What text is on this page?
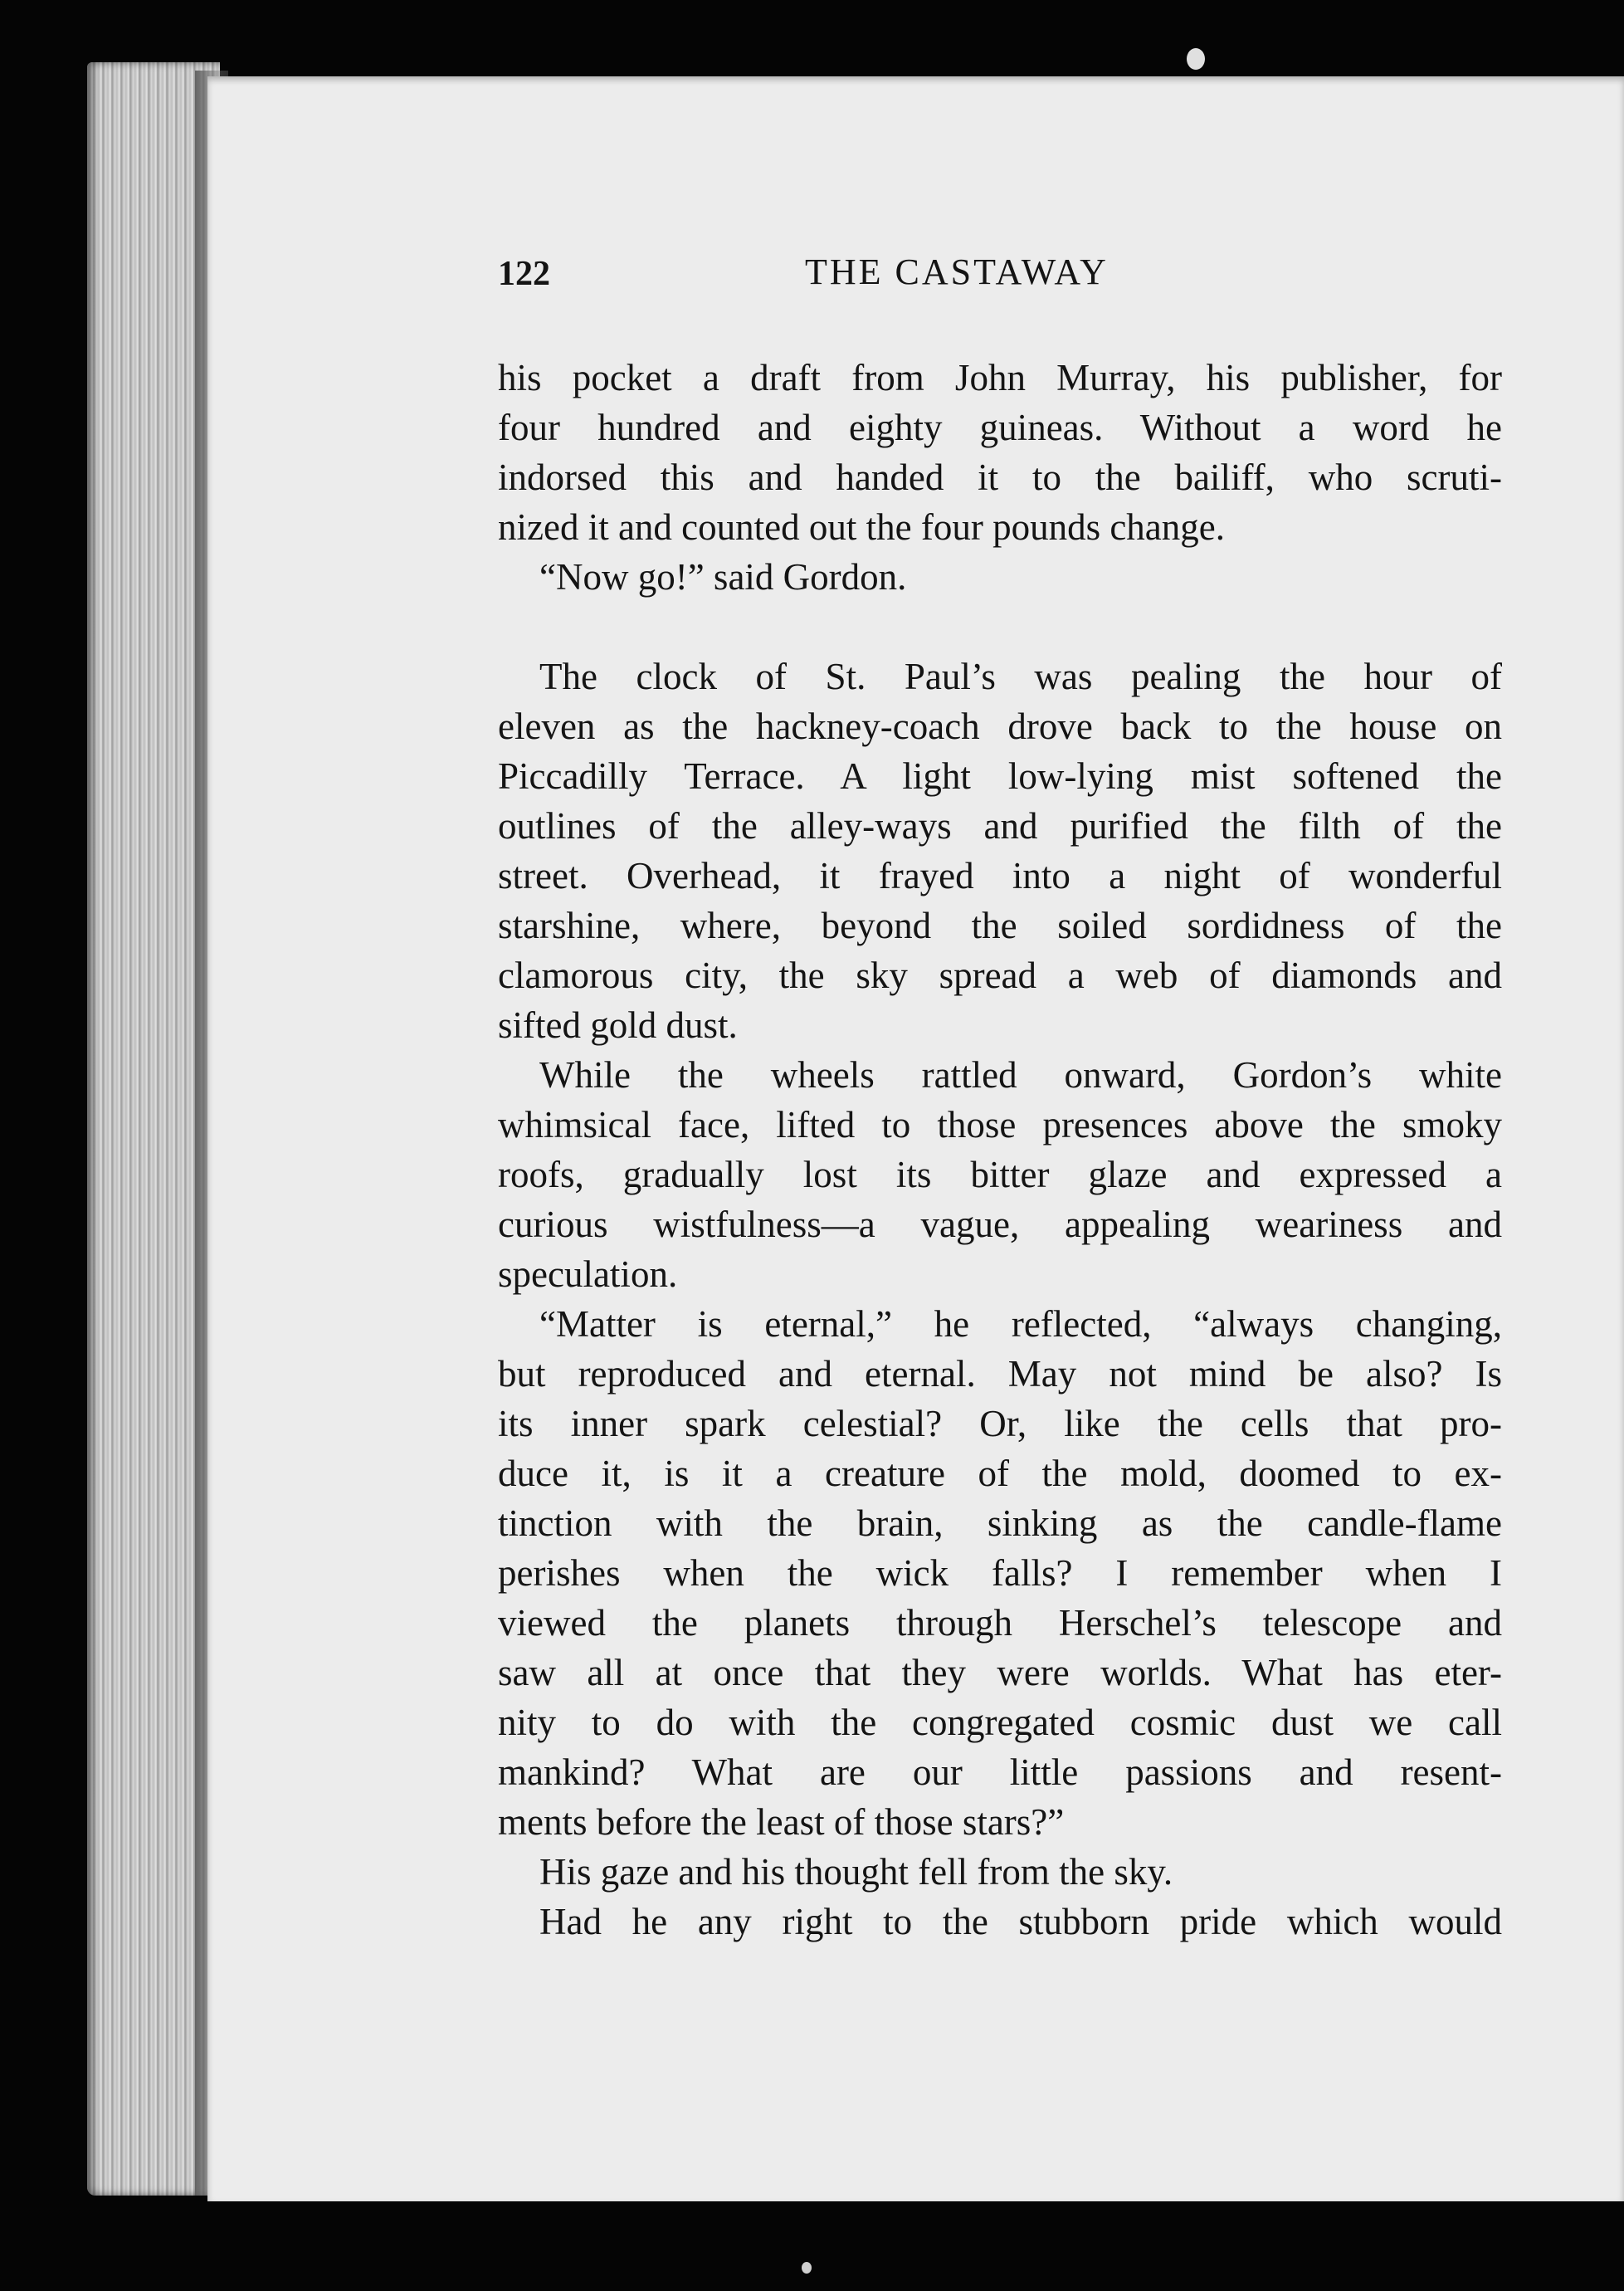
122	THE CASTAWAY
his pocket a draft from John Murray, his publisher, for
four hundred and eighty guineas. Without a word he
indorsed this and handed it to the bailiff, who scruti-
nized it and counted out the four pounds change.
“Now go!” said Gordon.
The clock of St. Paul’s was pealing the hour of
eleven as the hackney-coach drove back to the house on
Piccadilly Terrace. A light low-lying mist softened the
outlines of the alley-ways and purified the filth of the
street. Overhead, it frayed into a night of wonderful
starshine, where, beyond the soiled sordidness of the
clamorous city, the sky spread a web of diamonds and
sifted gold dust.
While the wheels rattled onward, Gordon’s white
whimsical face, lifted to those presences above the smoky
roofs, gradually lost its bitter glaze and expressed a
curious wistfulness—a vague, appealing weariness and
speculation.
“Matter is eternal,” he reflected, “always changing,
but reproduced and eternal. May not mind be also? Is
its inner spark celestial? Or, like the cells that pro-
duce it, is it a creature of the mold, doomed to ex-
tinction with the brain, sinking as the candle-flame
perishes when the wick falls? I remember when I
viewed the planets through Herschel’s telescope and
saw all at once that they were worlds. What has eter-
nity to do with the congregated cosmic dust we call
mankind? What are our little passions and resent-
ments before the least of those stars?”
His gaze and his thought fell from the sky.
Had he any right to the stubborn pride which would
